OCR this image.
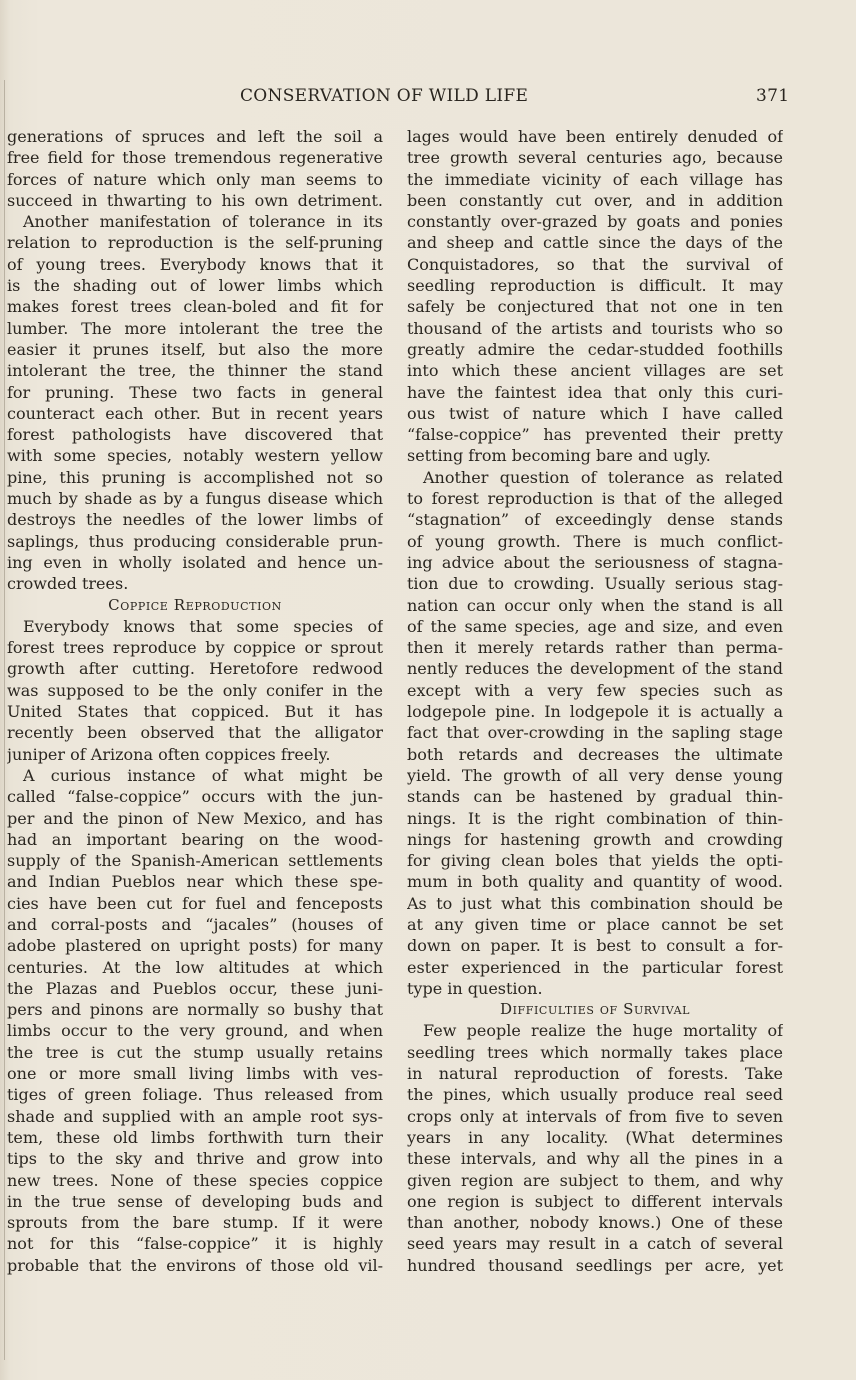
CONSERVATION OF WILD LIFE	371
generations of spruces and left the soil a
free field for those tremendous regenerative
forces of nature which only man seems to
succeed in thwarting to his own detriment.
Another manifestation of tolerance in its
relation to reproduction is the self-pruning
of young trees. Everybody knows that it
is the shading out of lower limbs which
makes forest trees clean-boled and fit for
lumber. The more intolerant the tree the
easier it prunes itself, but also the more
intolerant the tree, the thinner the stand
for pruning. These two facts in general
counteract each other. But in recent years
forest pathologists have discovered that
with some species, notably western yellow
pine, this pruning is accomplished not so
much by shade as by a fungus disease which
destroys the needles of the lower limbs of
saplings, thus producing considerable prun-
ing even in wholly isolated and hence un-
crowded trees.
Coppice Reproduction
Everybody knows that some species of
forest trees reproduce by coppice or sprout
growth after cutting. Heretofore redwood
was supposed to be the only conifer in the
United States that coppiced. But it has
recently been observed that the alligator
juniper of Arizona often coppices freely.
A curious instance of what might be
called “false-coppice” occurs with the jun-
per and the pinon of New Mexico, and has
had an important bearing on the wood-
supply of the Spanish-American settlements
and Indian Pueblos near which these spe-
cies have been cut for fuel and fenceposts
and corral-posts and “jacales” (houses of
adobe plastered on upright posts) for many
centuries. At the low altitudes at which
the Plazas and Pueblos occur, these juni-
pers and pinons are normally so bushy that
limbs occur to the very ground, and when
the tree is cut the stump usually retains
one or more small living limbs with ves-
tiges of green foliage. Thus released from
shade and supplied with an ample root sys-
tem, these old limbs forthwith turn their
tips to the sky and thrive and grow into
new trees. None of these species coppice
in the true sense of developing buds and
sprouts from the bare stump. If it were
not for this “false-coppice” it is highly
probable that the environs of those old vil-
lages would have been entirely denuded of
tree growth several centuries ago, because
the immediate vicinity of each village has
been constantly cut over, and in addition
constantly over-grazed by goats and ponies
and sheep and cattle since the days of the
Conquistadores, so that the survival of
seedling reproduction is difficult. It may
safely be conjectured that not one in ten
thousand of the artists and tourists who so
greatly admire the cedar-studded foothills
into which these ancient villages are set
have the faintest idea that only this curi-
ous twist of nature which I have called
“false-coppice” has prevented their pretty
setting from becoming bare and ugly.
Another question of tolerance as related
to forest reproduction is that of the alleged
“stagnation” of exceedingly dense stands
of young growth. There is much conflict-
ing advice about the seriousness of stagna-
tion due to crowding. Usually serious stag-
nation can occur only when the stand is all
of the same species, age and size, and even
then it merely retards rather than perma-
nently reduces the development of the stand
except with a very few species such as
lodgepole pine. In lodgepole it is actually a
fact that over-crowding in the sapling stage
both retards and decreases the ultimate
yield. The growth of all very dense young
stands can be hastened by gradual thin-
nings. It is the right combination of thin-
nings for hastening growth and crowding
for giving clean boles that yields the opti-
mum in both quality and quantity of wood.
As to just what this combination should be
at any given time or place cannot be set
down on paper. It is best to consult a for-
ester experienced in the particular forest
type in question.
Difficulties of Survival
Few people realize the huge mortality of
seedling trees which normally takes place
in natural reproduction of forests. Take
the pines, which usually produce real seed
crops only at intervals of from five to seven
years in any locality. (What determines
these intervals, and why all the pines in a
given region are subject to them, and why
one region is subject to different intervals
than another, nobody knows.) One of these
seed years may result in a catch of several
hundred thousand seedlings per acre, yet
